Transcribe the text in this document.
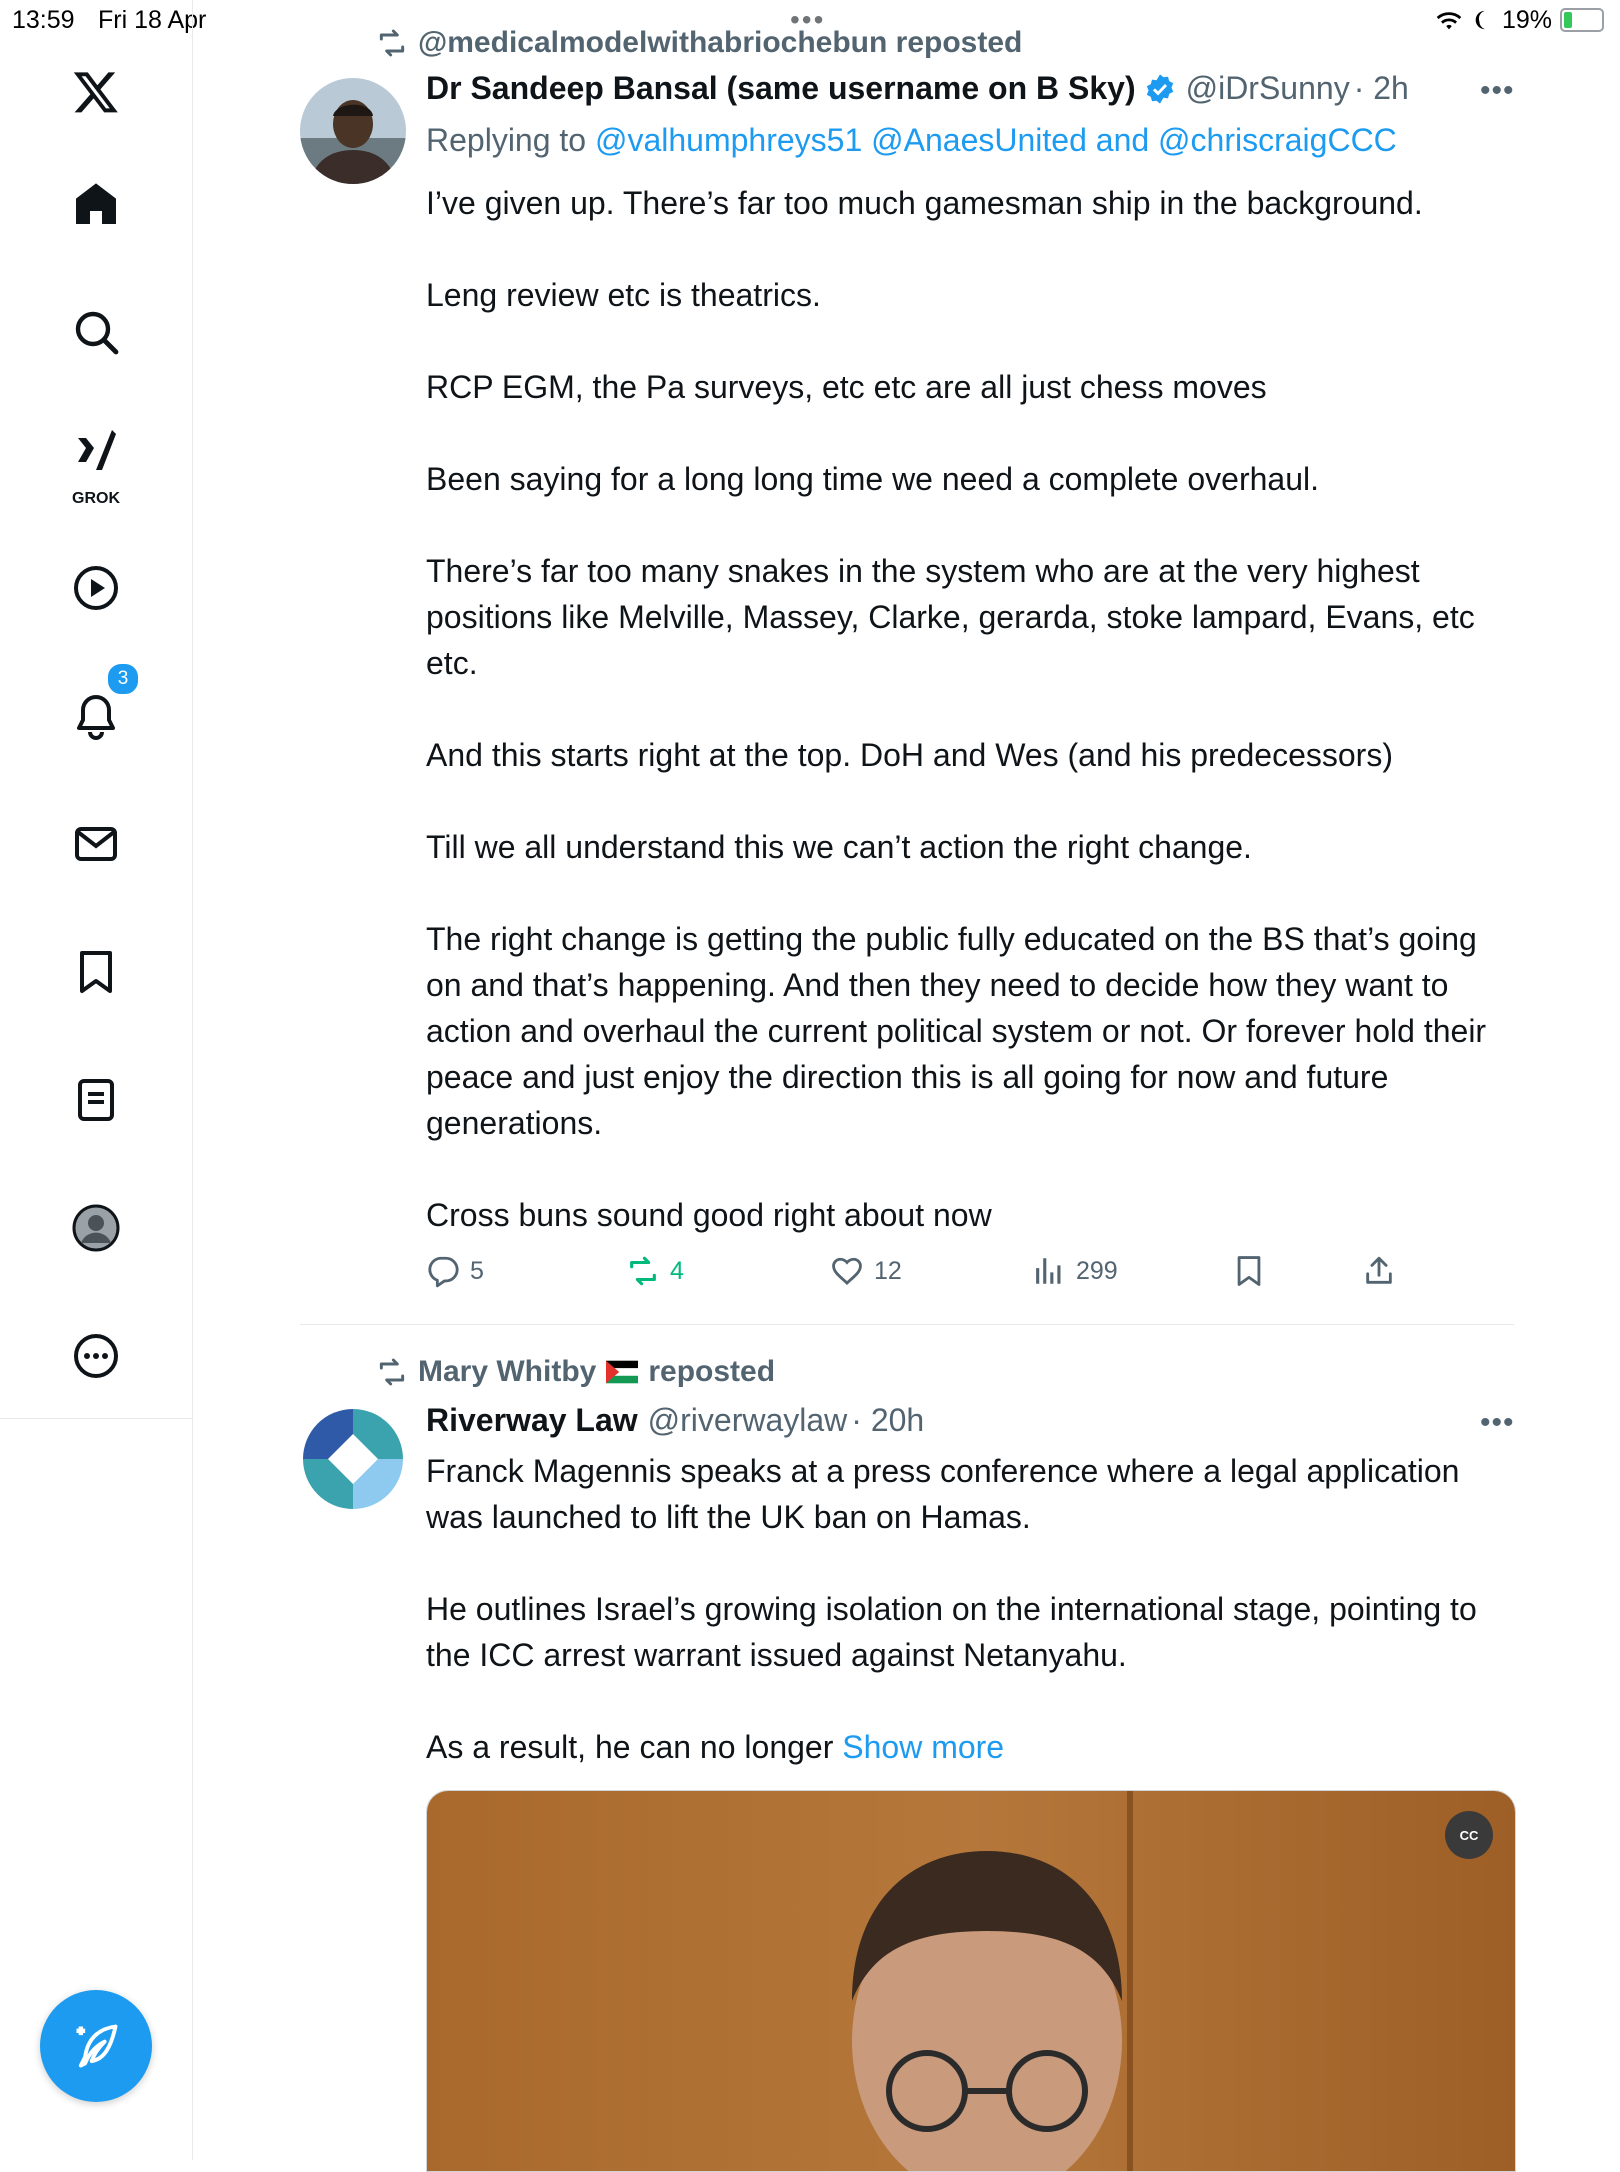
13:59 Fri 18 Apr	•••	19%
GROK
3
@medicalmodelwithabriochebun reposted
Dr Sandeep Bansal (same username on B Sky) @iDrSunny · 2h •••
Replying to @valhumphreys51 @AnaesUnited and @chriscraigCCC

I’ve given up. There’s far too much gamesman ship in the background.

Leng review etc is theatrics.

RCP EGM, the Pa surveys, etc etc are all just chess moves

Been saying for a long long time we need a complete overhaul.

There’s far too many snakes in the system who are at the very highest positions like Melville, Massey, Clarke, gerarda, stoke lampard, Evans, etc etc.

And this starts right at the top. DoH and Wes (and his predecessors)

Till we all understand this we can’t action the right change.

The right change is getting the public fully educated on the BS that’s going on and that’s happening. And then they need to decide how they want to action and overhaul the current political system or not. Or forever hold their peace and just enjoy the direction this is all going for now and future generations.

Cross buns sound good right about now

5	4	12	299
Mary Whitby reposted
Riverway Law @riverwaylaw · 20h	•••

Franck Magennis speaks at a press conference where a legal application was launched to lift the UK ban on Hamas.

He outlines Israel’s growing isolation on the international stage, pointing to the ICC arrest warrant issued against Netanyahu.

As a result, he can no longer Show more

CC
